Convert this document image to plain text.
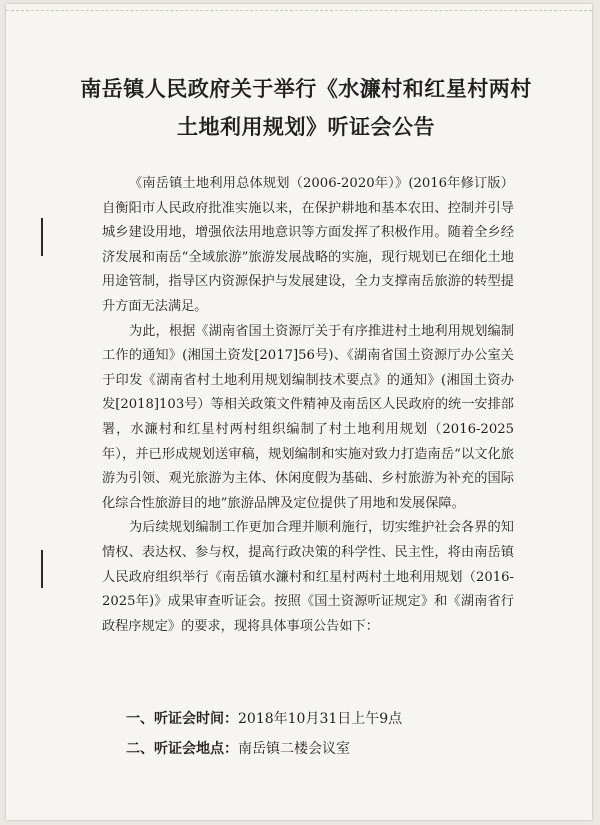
南岳镇人民政府关于举行《水濂村和红星村两村土地利用规划》听证会公告

《南岳镇土地利用总体规划（2006-2020年）》(2016年修订版）自衡阳市人民政府批准实施以来，在保护耕地和基本农田、控制并引导城乡建设用地，增强依法用地意识等方面发挥了积极作用。随着全乡经济发展和南岳“全域旅游”旅游发展战略的实施，现行规划已在细化土地用途管制，指导区内资源保护与发展建设，全力支撑南岳旅游的转型提升方面无法满足。

为此，根据《湖南省国土资源厅关于有序推进村土地利用规划编制工作的通知》(湘国土资发[2017]56号)、《湖南省国土资源厅办公室关于印发《湖南省村土地利用规划编制技术要点》的通知》(湘国土资办发[2018]103号）等相关政策文件精神及南岳区人民政府的统一安排部署，水濂村和红星村两村组织编制了村土地利用规划（2016-2025年），并已形成规划送审稿，规划编制和实施对致力打造南岳“以文化旅游为引领、观光旅游为主体、休闲度假为基础、乡村旅游为补充的国际化综合性旅游目的地”旅游品牌及定位提供了用地和发展保障。

为后续规划编制工作更加合理并顺利施行，切实维护社会各界的知情权、表达权、参与权，提高行政决策的科学性、民主性，将由南岳镇人民政府组织举行《南岳镇水濂村和红星村两村土地利用规划（2016-2025年)》成果审查听证会。按照《国土资源听证规定》和《湖南省行政程序规定》的要求，现将具体事项公告如下：

一、听证会时间：2018年10月31日上午9点
二、听证会地点：南岳镇二楼会议室
